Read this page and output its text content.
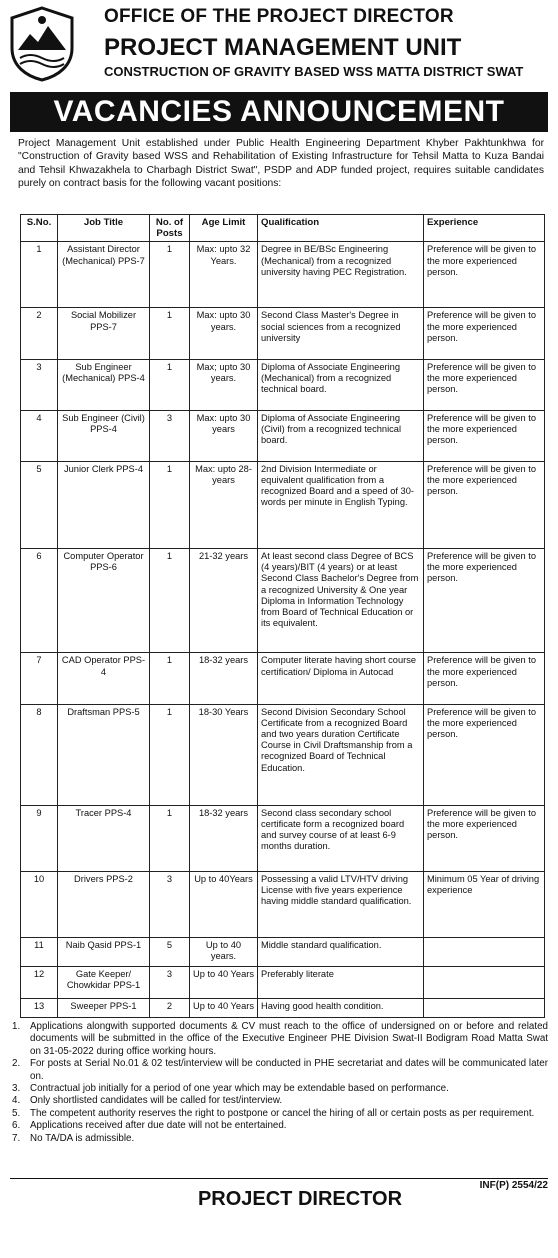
OFFICE OF THE PROJECT DIRECTOR
PROJECT MANAGEMENT UNIT
CONSTRUCTION OF GRAVITY BASED WSS MATTA DISTRICT SWAT
VACANCIES ANNOUNCEMENT
Project Management Unit established under Public Health Engineering Department Khyber Pakhtunkhwa for "Construction of Gravity based WSS and Rehabilitation of Existing Infrastructure for Tehsil Matta to Kuza Bandai and Tehsil Khwazakhela to Charbagh District Swat", PSDP and ADP funded project, requires suitable candidates purely on contract basis for the following vacant positions:
S.No.	Job Title	No. of Posts	Age Limit	Qualification	Experience
1	Assistant Director (Mechanical) PPS-7	1	Max: upto 32 Years.	Degree in BE/BSc Engineering (Mechanical) from a recognized university having PEC Registration.	Preference will be given to the more experienced person.
2	Social Mobilizer PPS-7	1	Max: upto 30 years.	Second Class Master's Degree in social sciences from a recognized university	Preference will be given to the more experienced person.
3	Sub Engineer (Mechanical) PPS-4	1	Max; upto 30 years.	Diploma of Associate Engineering (Mechanical) from a recognized technical board.	Preference will be given to the more experienced person.
4	Sub Engineer (Civil) PPS-4	3	Max: upto 30 years	Diploma of Associate Engineering (Civil) from a recognized technical board.	Preference will be given to the more experienced person.
5	Junior Clerk PPS-4	1	Max: upto 28-years	2nd Division Intermediate or equivalent qualification from a recognized Board and a speed of 30- words per minute in English Typing.	Preference will be given to the more experienced person.
6	Computer Operator PPS-6	1	21-32 years	At least second class Degree of BCS (4 years)/BIT (4 years) or at least Second Class Bachelor's Degree from a recognized University & One year Diploma in Information Technology from Board of Technical Education or its equivalent.	Preference will be given to the more experienced person.
7	CAD Operator PPS-4	1	18-32 years	Computer literate having short course certification/ Diploma in Autocad	Preference will be given to the more experienced person.
8	Draftsman PPS-5	1	18-30 Years	Second Division Secondary School Certificate from a recognized Board and two years duration Certificate Course in Civil Draftsmanship from a recognized Board of Technical Education.	Preference will be given to the more experienced person.
9	Tracer PPS-4	1	18-32 years	Second class secondary school certificate form a recognized board and survey course of at least 6-9 months duration.	Preference will be given to the more experienced person.
10	Drivers PPS-2	3	Up to 40Years	Possessing a valid LTV/HTV driving License with five years experience having middle standard qualification.	Minimum 05 Year of driving experience
11	Naib Qasid PPS-1	5	Up to 40 years.	Middle standard qualification.	
12	Gate Keeper/ Chowkidar PPS-1	3	Up to 40 Years	Preferably literate	
13	Sweeper PPS-1	2	Up to 40 Years	Having good health condition.	
1. Applications alongwith supported documents & CV must reach to the office of undersigned on or before and related documents will be submitted in the office of the Executive Engineer PHE Division Swat-II Bodigram Road Matta Swat on 31-05-2022 during office working hours.
2. For posts at Serial No.01 & 02 test/interview will be conducted in PHE secretariat and dates will be communicated later on.
3. Contractual job initially for a period of one year which may be extendable based on performance.
4. Only shortlisted candidates will be called for test/interview.
5. The competent authority reserves the right to postpone or cancel the hiring of all or certain posts as per requirement.
6. Applications received after due date will not be entertained.
7. No TA/DA is admissible.
INF(P) 2554/22
PROJECT DIRECTOR
